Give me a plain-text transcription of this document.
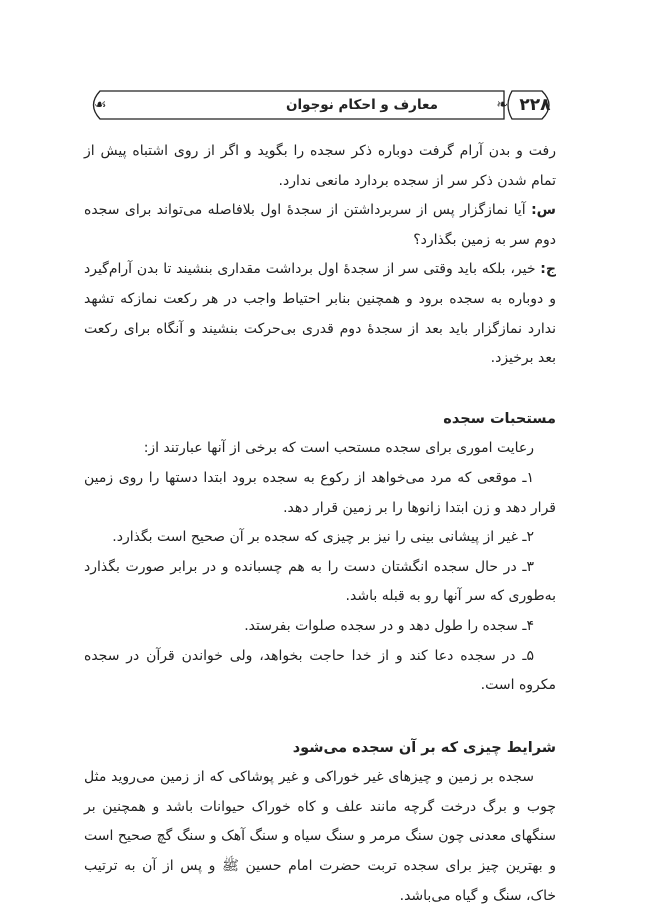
۲۲۸
معارف و احکام نوجوان
☙	❧

رفت و بدن آرام گرفت دوباره ذکر سجده را بگوید و اگر از روی اشتباه پیش از تمام شدن ذکر سر از سجده بردارد مانعی ندارد.

س: آیا نمازگزار پس از سربرداشتن از سجدهٔ اول بلافاصله می‌تواند برای سجده دوم سر به زمین بگذارد؟

ج: خیر، بلکه باید وقتی سر از سجدهٔ اول برداشت مقداری بنشیند تا بدن آرام‌گیرد و دوباره به سجده برود و همچنین بنابر احتیاط واجب در هر رکعت نمازکه تشهد ندارد نمازگزار باید بعد از سجدهٔ دوم قدری بی‌حرکت بنشیند و آنگاه برای رکعت بعد برخیزد.

مستحبات سجده

رعایت اموری برای سجده مستحب است که برخی از آنها عبارتند از:

۱ـ موقعی که مرد می‌خواهد از رکوع به سجده برود ابتدا دستها را روی زمین قرار دهد و زن ابتدا زانوها را بر زمین قرار دهد.

۲ـ غیر از پیشانی بینی را نیز بر چیزی که سجده بر آن صحیح است بگذارد.

۳ـ در حال سجده انگشتان دست را به هم چسبانده و در برابر صورت بگذارد به‌طوری که سر آنها رو به قبله باشد.

۴ـ سجده را طول دهد و در سجده صلوات بفرستد.

۵ـ در سجده دعا کند و از خدا حاجت بخواهد، ولی خواندن قرآن در سجده مکروه است.

شرایط چیزی که بر آن سجده می‌شود

سجده بر زمین و چیزهای غیر خوراکی و غیر پوشاکی که از زمین می‌روید مثل چوب و برگ درخت گرچه مانند علف و کاه خوراک حیوانات باشد و همچنین بر سنگهای معدنی چون سنگ مرمر و سنگ سیاه و سنگ آهک و سنگ گچ صحیح است و بهترین چیز برای سجده تربت حضرت امام حسین ﷺ و پس از آن به ترتیب خاک، سنگ و گیاه می‌باشد.
